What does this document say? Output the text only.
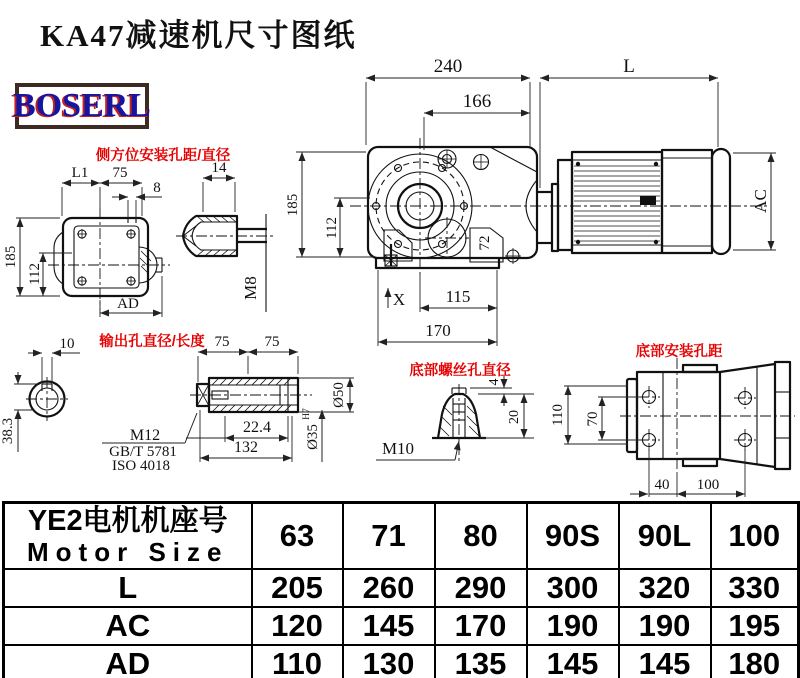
KA47减速机尺寸图纸
BOSERL
72
240
166
L
AC
185
112
X 115
170
L1 75
8
185
112
AD
14
M8
10
38.3	M12
GB/T 5781
ISO 4018
75 75
22.4
132	Ø35
H7
Ø50
4
20
M10
110 70
40 100
侧方位安装孔距/直径
输出孔直径/长度
底部螺丝孔直径
底部安装孔距
YE2电机机座号
Motor Size	63	71	80	90S	90L	100
L	205	260	290	300	320	330
AC	120	145	170	190	190	195
AD	110	130	135	145	145	180
